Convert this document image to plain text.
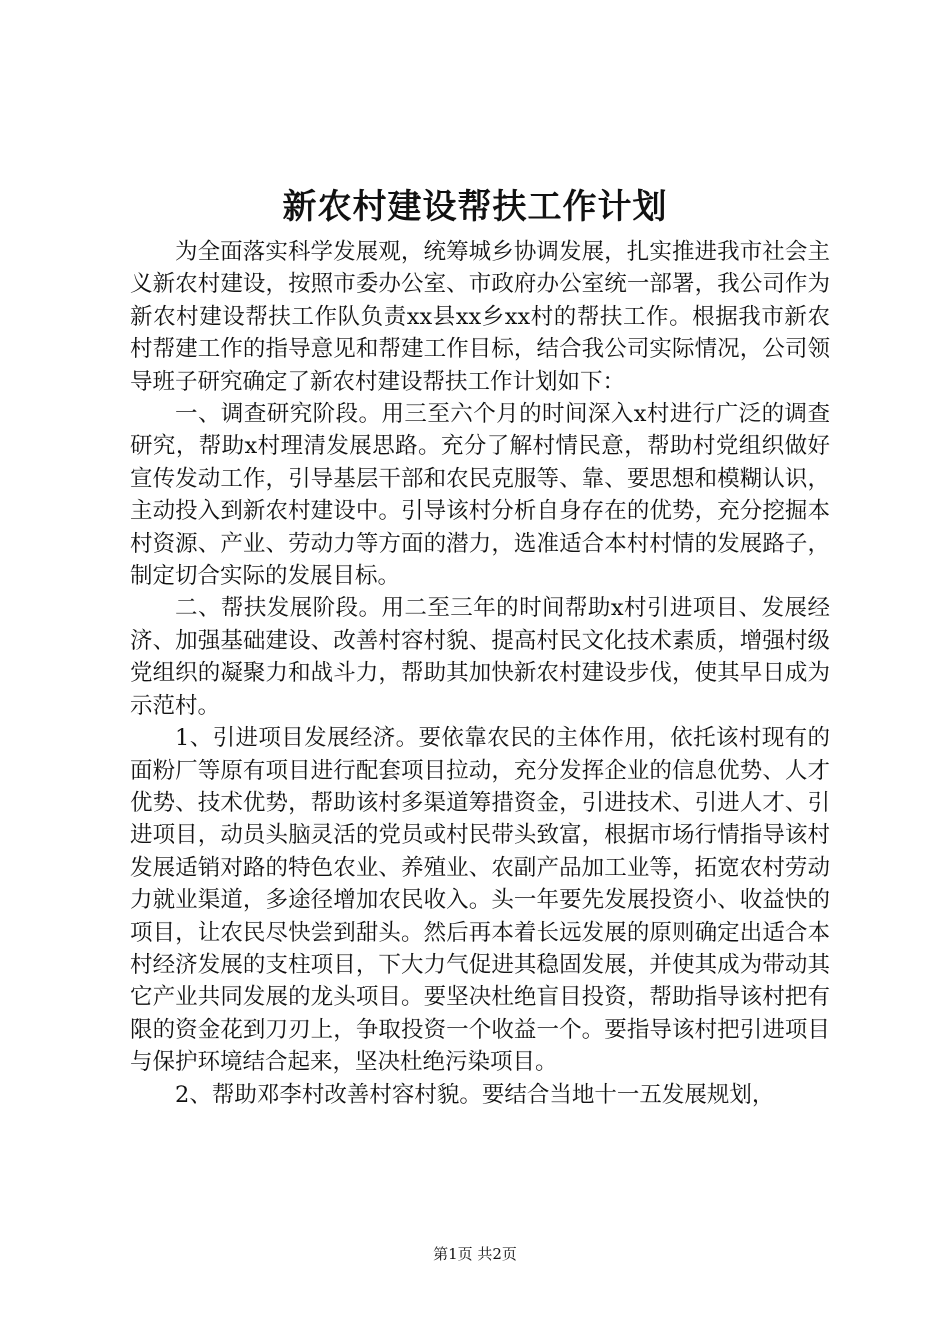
新农村建设帮扶工作计划

为全面落实科学发展观，统筹城乡协调发展，扎实推进我市社会主义新农村建设，按照市委办公室、市政府办公室统一部署，我公司作为新农村建设帮扶工作队负责xx县xx乡xx村的帮扶工作。根据我市新农村帮建工作的指导意见和帮建工作目标，结合我公司实际情况，公司领导班子研究确定了新农村建设帮扶工作计划如下：

一、调查研究阶段。用三至六个月的时间深入x村进行广泛的调查研究，帮助x村理清发展思路。充分了解村情民意，帮助村党组织做好宣传发动工作，引导基层干部和农民克服等、靠、要思想和模糊认识，主动投入到新农村建设中。引导该村分析自身存在的优势，充分挖掘本村资源、产业、劳动力等方面的潜力，选准适合本村村情的发展路子，制定切合实际的发展目标。

二、帮扶发展阶段。用二至三年的时间帮助x村引进项目、发展经济、加强基础建设、改善村容村貌、提高村民文化技术素质，增强村级党组织的凝聚力和战斗力，帮助其加快新农村建设步伐，使其早日成为示范村。

1、引进项目发展经济。要依靠农民的主体作用，依托该村现有的面粉厂等原有项目进行配套项目拉动，充分发挥企业的信息优势、人才优势、技术优势，帮助该村多渠道筹措资金，引进技术、引进人才、引进项目，动员头脑灵活的党员或村民带头致富，根据市场行情指导该村发展适销对路的特色农业、养殖业、农副产品加工业等，拓宽农村劳动力就业渠道，多途径增加农民收入。头一年要先发展投资小、收益快的项目，让农民尽快尝到甜头。然后再本着长远发展的原则确定出适合本村经济发展的支柱项目，下大力气促进其稳固发展，并使其成为带动其它产业共同发展的龙头项目。要坚决杜绝盲目投资，帮助指导该村把有限的资金花到刀刃上，争取投资一个收益一个。要指导该村把引进项目与保护环境结合起来，坚决杜绝污染项目。

2、帮助邓李村改善村容村貌。要结合当地十一五发展规划，

第1页 共2页
